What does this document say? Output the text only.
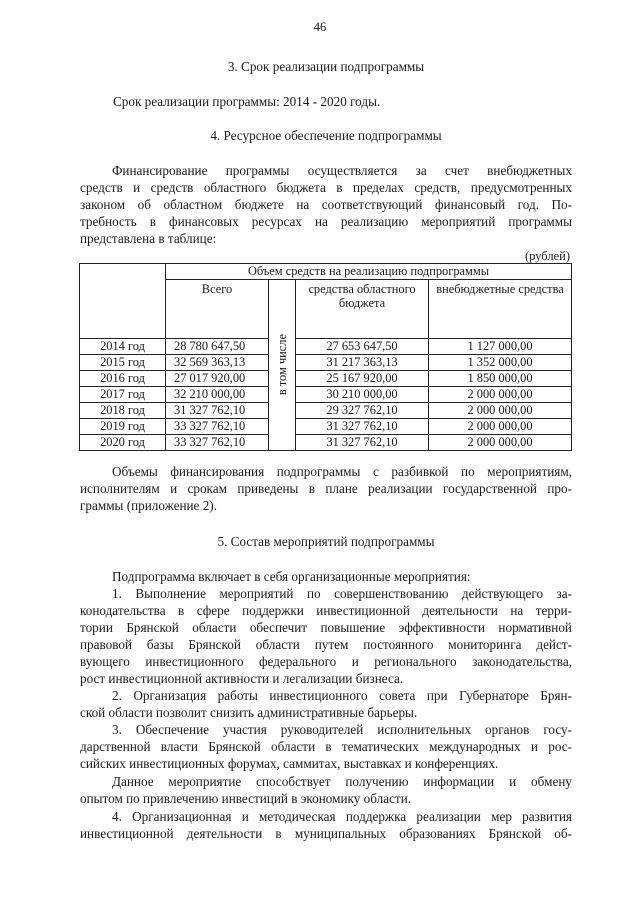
46
3. Срок реализации подпрограммы
Срок реализации программы: 2014 - 2020 годы.
4. Ресурсное обеспечение подпрограммы
Финансирование программы осуществляется за счет внебюджетных
средств и средств областного бюджета в пределах средств, предусмотренных
законом об областном бюджете на соответствующий финансовый год. По-
требность в финансовых ресурсах на реализацию мероприятий программы
представлена в таблице:
(рублей)
	Объем средств на реализацию подпрограммы			
	Всего	в том числе	средства областного бюджета	внебюджетные средства
2014 год	28 780 647,50		27 653 647,50	1 127 000,00
2015 год	32 569 363,13		31 217 363,13	1 352 000,00
2016 год	27 017 920,00		25 167 920,00	1 850 000,00
2017 год	32 210 000,00		30 210 000,00	2 000 000,00
2018 год	31 327 762,10		29 327 762,10	2 000 000,00
2019 год	33 327 762,10		31 327 762,10	2 000 000,00
2020 год	33 327 762,10		31 327 762,10	2 000 000,00
Объемы финансирования подпрограммы с разбивкой по мероприятиям,
исполнителям и срокам приведены в плане реализации государственной про-
граммы (приложение 2).
5. Состав мероприятий подпрограммы
Подпрограмма включает в себя организационные мероприятия:
1. Выполнение мероприятий по совершенствованию действующего за-
конодательства в сфере поддержки инвестиционной деятельности на терри-
тории Брянской области обеспечит повышение эффективности нормативной
правовой базы Брянской области путем постоянного мониторинга дейст-
вующего инвестиционного федерального и регионального законодательства,
рост инвестиционной активности и легализации бизнеса.
2. Организация работы инвестиционного совета при Губернаторе Брян-
ской области позволит снизить административные барьеры.
3. Обеспечение участия руководителей исполнительных органов госу-
дарственной власти Брянской области в тематических международных и рос-
сийских инвестиционных форумах, саммитах, выставках и конференциях.
Данное мероприятие способствует получению информации и обмену
опытом по привлечению инвестиций в экономику области.
4. Организационная и методическая поддержка реализации мер развития
инвестиционной деятельности в муниципальных образованиях Брянской об-
